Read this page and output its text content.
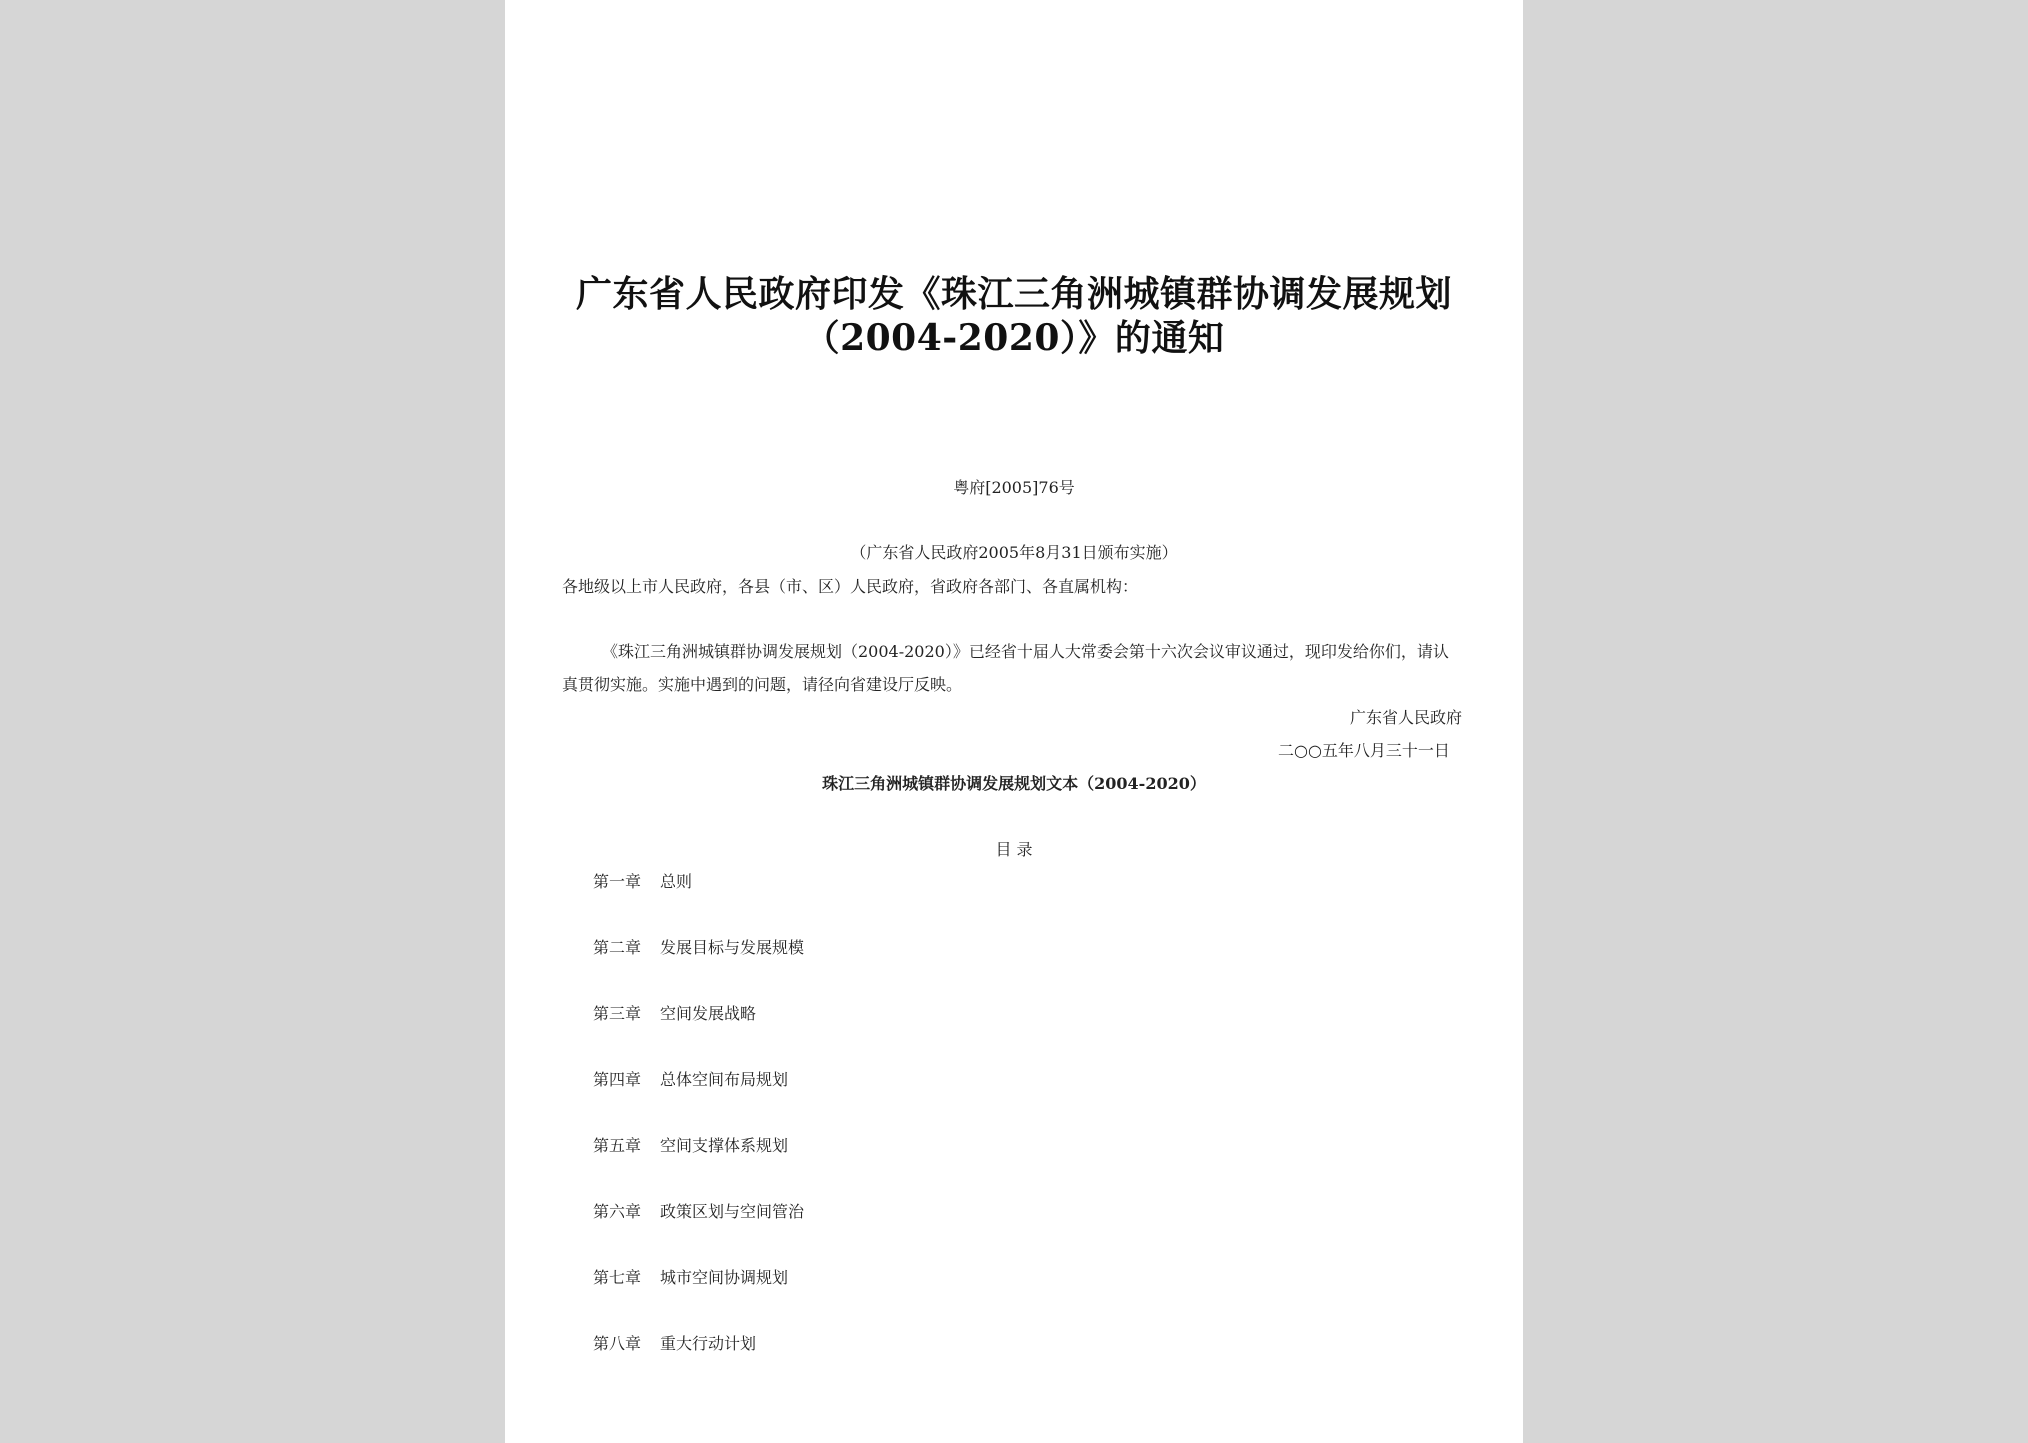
广东省人民政府印发《珠江三角洲城镇群协调发展规划
（2004-2020）》的通知
粤府[2005]76号
（广东省人民政府2005年8月31日颁布实施）
各地级以上市人民政府，各县（市、区）人民政府，省政府各部门、各直属机构：
《珠江三角洲城镇群协调发展规划（2004-2020）》已经省十届人大常委会第十六次会议审议通过，现印发给你们，请认
真贯彻实施。实施中遇到的问题，请径向省建设厅反映。
广东省人民政府
二○○五年八月三十一日
珠江三角洲城镇群协调发展规划文本（2004-2020）
目 录
第一章 总则
第二章 发展目标与发展规模
第三章 空间发展战略
第四章 总体空间布局规划
第五章 空间支撑体系规划
第六章 政策区划与空间管治
第七章 城市空间协调规划
第八章 重大行动计划
